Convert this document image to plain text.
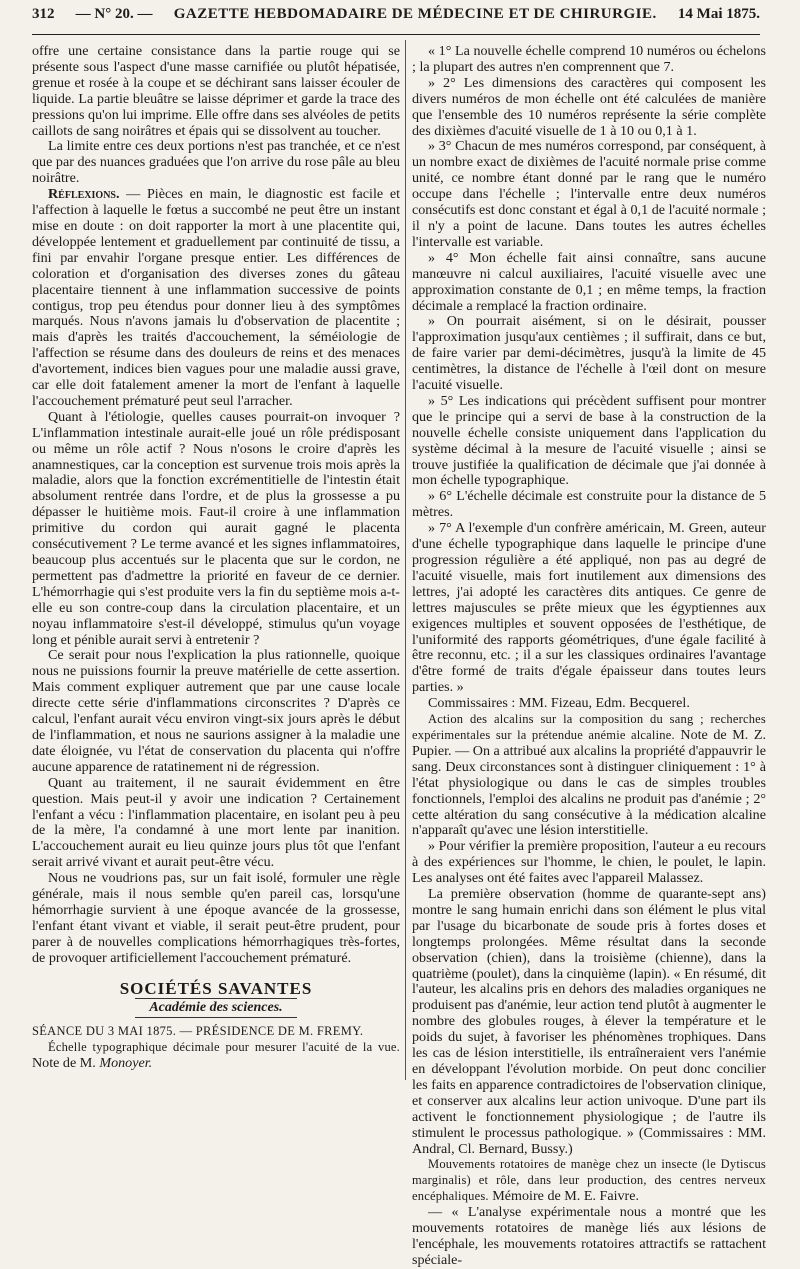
312 — N° 20. — GAZETTE HEBDOMADAIRE DE MÉDECINE ET DE CHIRURGIE. 14 Mai 1875.

offre une certaine consistance dans la partie rouge qui se présente sous l'aspect d'une masse carnifiée ou plutôt hépatisée, grenue et rosée à la coupe et se déchirant sans laisser écouler de liquide. La partie bleuâtre se laisse déprimer et garde la trace des pressions qu'on lui imprime. Elle offre dans ses alvéoles de petits caillots de sang noirâtres et épais qui se dissolvent au toucher.

La limite entre ces deux portions n'est pas tranchée, et ce n'est que par des nuances graduées que l'on arrive du rose pâle au bleu noirâtre.

Réflexions. — Pièces en main, le diagnostic est facile et l'affection à laquelle le fœtus a succombé ne peut être un instant mise en doute : on doit rapporter la mort à une placentite qui, développée lentement et graduellement par continuité de tissu, a fini par envahir l'organe presque entier. Les différences de coloration et d'organisation des diverses zones du gâteau placentaire tiennent à une inflammation successive de points contigus, trop peu étendus pour donner lieu à des symptômes marqués. Nous n'avons jamais lu d'observation de placentite ; mais d'après les traités d'accouchement, la séméiologie de l'affection se résume dans des douleurs de reins et des menaces d'avortement, indices bien vagues pour une maladie aussi grave, car elle doit fatalement amener la mort de l'enfant à laquelle l'accouchement prématuré peut seul l'arracher.

Quant à l'étiologie, quelles causes pourrait-on invoquer ? L'inflammation intestinale aurait-elle joué un rôle prédisposant ou même un rôle actif ? Nous n'osons le croire d'après les anamnestiques, car la conception est survenue trois mois après la maladie, alors que la fonction excrémentitielle de l'intestin était absolument rentrée dans l'ordre, et de plus la grossesse a pu dépasser le huitième mois. Faut-il croire à une inflammation primitive du cordon qui aurait gagné le placenta consécutivement ? Le terme avancé et les signes inflammatoires, beaucoup plus accentués sur le placenta que sur le cordon, ne permettent pas d'admettre la priorité en faveur de ce dernier. L'hémorrhagie qui s'est produite vers la fin du septième mois a-t-elle eu son contre-coup dans la circulation placentaire, et un noyau inflammatoire s'est-il développé, stimulus qu'un voyage long et pénible aurait servi à entretenir ?

Ce serait pour nous l'explication la plus rationnelle, quoique nous ne puissions fournir la preuve matérielle de cette assertion. Mais comment expliquer autrement que par une cause locale directe cette série d'inflammations circonscrites ? D'après ce calcul, l'enfant aurait vécu environ vingt-six jours après le début de l'inflammation, et nous ne saurions assigner à la maladie une date éloignée, vu l'état de conservation du placenta qui n'offre aucune apparence de ratatinement ni de régression.

Quant au traitement, il ne saurait évidemment en être question. Mais peut-il y avoir une indication ? Certainement l'enfant a vécu : l'inflammation placentaire, en isolant peu à peu de la mère, l'a condamné à une mort lente par inanition. L'accouchement aurait eu lieu quinze jours plus tôt que l'enfant serait arrivé vivant et aurait peut-être vécu.

Nous ne voudrions pas, sur un fait isolé, formuler une règle générale, mais il nous semble qu'en pareil cas, lorsqu'une hémorrhagie survient à une époque avancée de la grossesse, l'enfant étant vivant et viable, il serait peut-être prudent, pour parer à de nouvelles complications hémorrhagiques très-fortes, de provoquer artificiellement l'accouchement prématuré.

SOCIÉTÉS SAVANTES
Académie des sciences.

SÉANCE DU 3 MAI 1875. — PRÉSIDENCE DE M. FREMY.

Échelle typographique décimale pour mesurer l'acuité de la vue. Note de M. Monoyer.

« 1° La nouvelle échelle comprend 10 numéros ou échelons ; la plupart des autres n'en comprennent que 7.

» 2° Les dimensions des caractères qui composent les divers numéros de mon échelle ont été calculées de manière que l'ensemble des 10 numéros représente la série complète des dixièmes d'acuité visuelle de 1 à 10 ou 0,1 à 1.

» 3° Chacun de mes numéros correspond, par conséquent, à un nombre exact de dixièmes de l'acuité normale prise comme unité, ce nombre étant donné par le rang que le numéro occupe dans l'échelle ; l'intervalle entre deux numéros consécutifs est donc constant et égal à 0,1 de l'acuité normale ; il n'y a point de lacune. Dans toutes les autres échelles l'intervalle est variable.

» 4° Mon échelle fait ainsi connaître, sans aucune manœuvre ni calcul auxiliaires, l'acuité visuelle avec une approximation constante de 0,1 ; en même temps, la fraction décimale a remplacé la fraction ordinaire.

» On pourrait aisément, si on le désirait, pousser l'approximation jusqu'aux centièmes ; il suffirait, dans ce but, de faire varier par demi-décimètres, jusqu'à la limite de 45 centimètres, la distance de l'échelle à l'œil dont on mesure l'acuité visuelle.

» 5° Les indications qui précèdent suffisent pour montrer que le principe qui a servi de base à la construction de la nouvelle échelle consiste uniquement dans l'application du système décimal à la mesure de l'acuité visuelle ; ainsi se trouve justifiée la qualification de décimale que j'ai donnée à mon échelle typographique.

» 6° L'échelle décimale est construite pour la distance de 5 mètres.

» 7° A l'exemple d'un confrère américain, M. Green, auteur d'une échelle typographique dans laquelle le principe d'une progression régulière a été appliqué, non pas au degré de l'acuité visuelle, mais fort inutilement aux dimensions des lettres, j'ai adopté les caractères dits antiques. Ce genre de lettres majuscules se prête mieux que les égyptiennes aux exigences multiples et souvent opposées de l'esthétique, de l'uniformité des rapports géométriques, d'une égale facilité à être reconnu, etc. ; il a sur les classiques ordinaires l'avantage d'être formé de traits d'égale épaisseur dans toutes leurs parties. »

Commissaires : MM. Fizeau, Edm. Becquerel.

Action des alcalins sur la composition du sang ; recherches expérimentales sur la prétendue anémie alcaline. Note de M. Z. Pupier. — On a attribué aux alcalins la propriété d'appauvrir le sang. Deux circonstances sont à distinguer cliniquement : 1° à l'état physiologique ou dans le cas de simples troubles fonctionnels, l'emploi des alcalins ne produit pas d'anémie ; 2° cette altération du sang consécutive à la médication alcaline n'apparaît qu'avec une lésion interstitielle.

» Pour vérifier la première proposition, l'auteur a eu recours à des expériences sur l'homme, le chien, le poulet, le lapin. Les analyses ont été faites avec l'appareil Malassez.

La première observation (homme de quarante-sept ans) montre le sang humain enrichi dans son élément le plus vital par l'usage du bicarbonate de soude pris à fortes doses et longtemps prolongées. Même résultat dans la seconde observation (chien), dans la troisième (chienne), dans la quatrième (poulet), dans la cinquième (lapin). « En résumé, dit l'auteur, les alcalins pris en dehors des maladies organiques ne produisent pas d'anémie, leur action tend plutôt à augmenter le nombre des globules rouges, à élever la température et le poids du sujet, à favoriser les phénomènes trophiques. Dans les cas de lésion interstitielle, ils entraîneraient vers l'anémie en développant l'évolution morbide. On peut donc concilier les faits en apparence contradictoires de l'observation clinique, et conserver aux alcalins leur action univoque. D'une part ils activent le fonctionnement physiologique ; de l'autre ils stimulent le processus pathologique. » (Commissaires : MM. Andral, Cl. Bernard, Bussy.)

Mouvements rotatoires de manège chez un insecte (le Dytiscus marginalis) et rôle, dans leur production, des centres nerveux encéphaliques. Mémoire de M. E. Faivre.

— « L'analyse expérimentale nous a montré que les mouvements rotatoires de manège liés aux lésions de l'encéphale, les mouvements rotatoires attractifs se rattachent spéciale-
